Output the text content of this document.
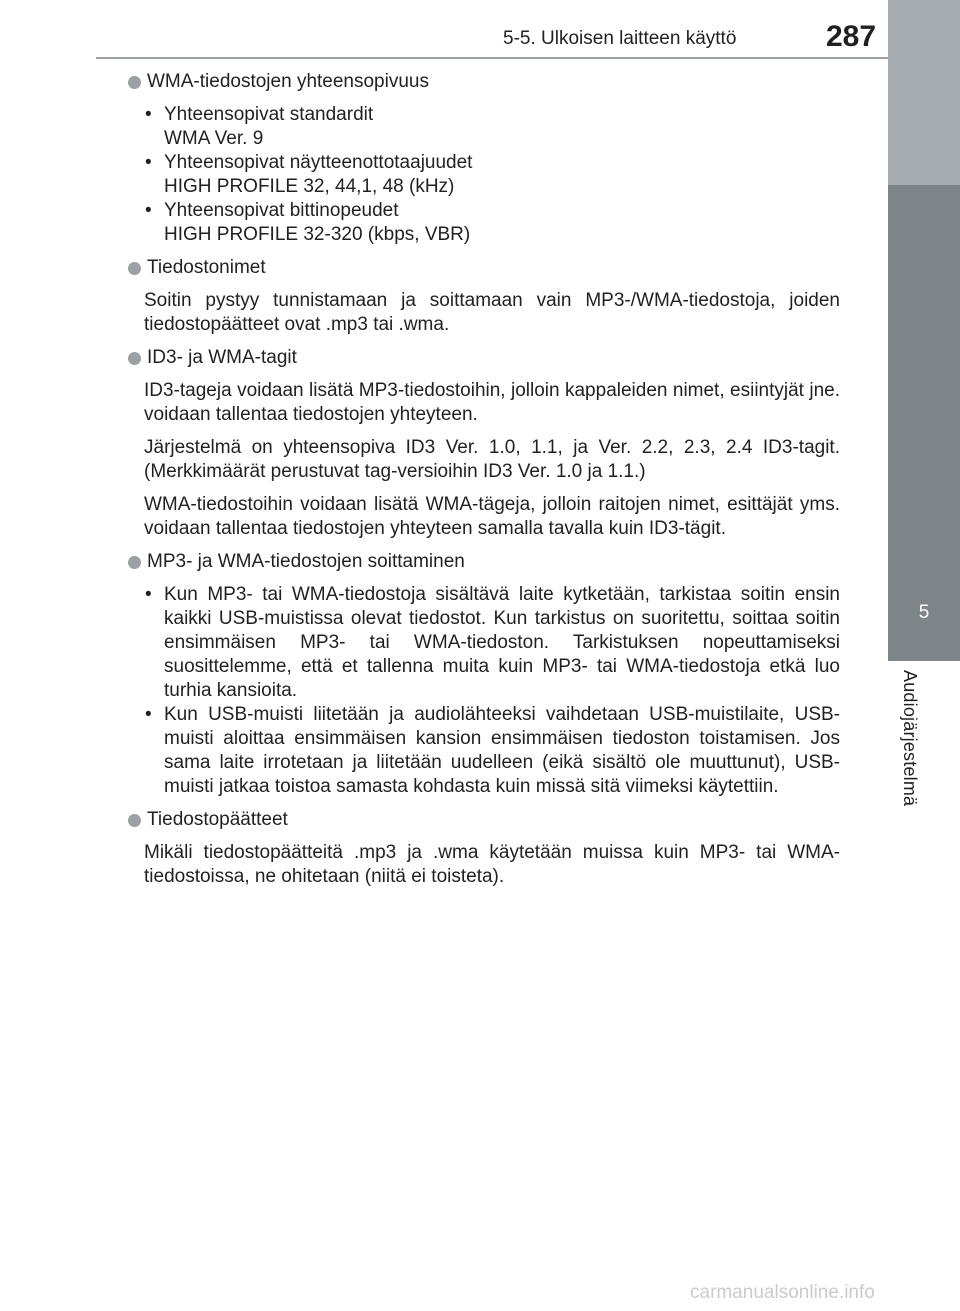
5-5. Ulkoisen laitteen käyttö	287
5
Audiojärjestelmä
WMA-tiedostojen yhteensopivuus
• Yhteensopivat standardit
WMA Ver. 9
• Yhteensopivat näytteenottotaajuudet
HIGH PROFILE 32, 44,1, 48 (kHz)
• Yhteensopivat bittinopeudet
HIGH PROFILE 32-320 (kbps, VBR)
Tiedostonimet

Soitin pystyy tunnistamaan ja soittamaan vain MP3-/WMA-tiedostoja, joiden tiedostopäätteet ovat .mp3 tai .wma.

ID3- ja WMA-tagit

ID3-tageja voidaan lisätä MP3-tiedostoihin, jolloin kappaleiden nimet, esiintyjät jne. voidaan tallentaa tiedostojen yhteyteen.

Järjestelmä on yhteensopiva ID3 Ver. 1.0, 1.1, ja Ver. 2.2, 2.3, 2.4 ID3-tagit. (Merkkimäärät perustuvat tag-versioihin ID3 Ver. 1.0 ja 1.1.)

WMA-tiedostoihin voidaan lisätä WMA-tägeja, jolloin raitojen nimet, esittäjät yms. voidaan tallentaa tiedostojen yhteyteen samalla tavalla kuin ID3-tägit.

MP3- ja WMA-tiedostojen soittaminen
• Kun MP3- tai WMA-tiedostoja sisältävä laite kytketään, tarkistaa soitin ensin kaikki USB-muistissa olevat tiedostot. Kun tarkistus on suoritettu, soittaa soitin ensimmäisen MP3- tai WMA-tiedoston. Tarkistuksen nopeuttamiseksi suosittelemme, että et tallenna muita kuin MP3- tai WMA-tiedostoja etkä luo turhia kansioita.
• Kun USB-muisti liitetään ja audiolähteeksi vaihdetaan USB-muistilaite, USB-muisti aloittaa ensimmäisen kansion ensimmäisen tiedoston toistamisen. Jos sama laite irrotetaan ja liitetään uudelleen (eikä sisältö ole muuttunut), USB-muisti jatkaa toistoa samasta kohdasta kuin missä sitä viimeksi käytettiin.
Tiedostopäätteet

Mikäli tiedostopäätteitä .mp3 ja .wma käytetään muissa kuin MP3- tai WMA-tiedostoissa, ne ohitetaan (niitä ei toisteta).

carmanualsonline.info
